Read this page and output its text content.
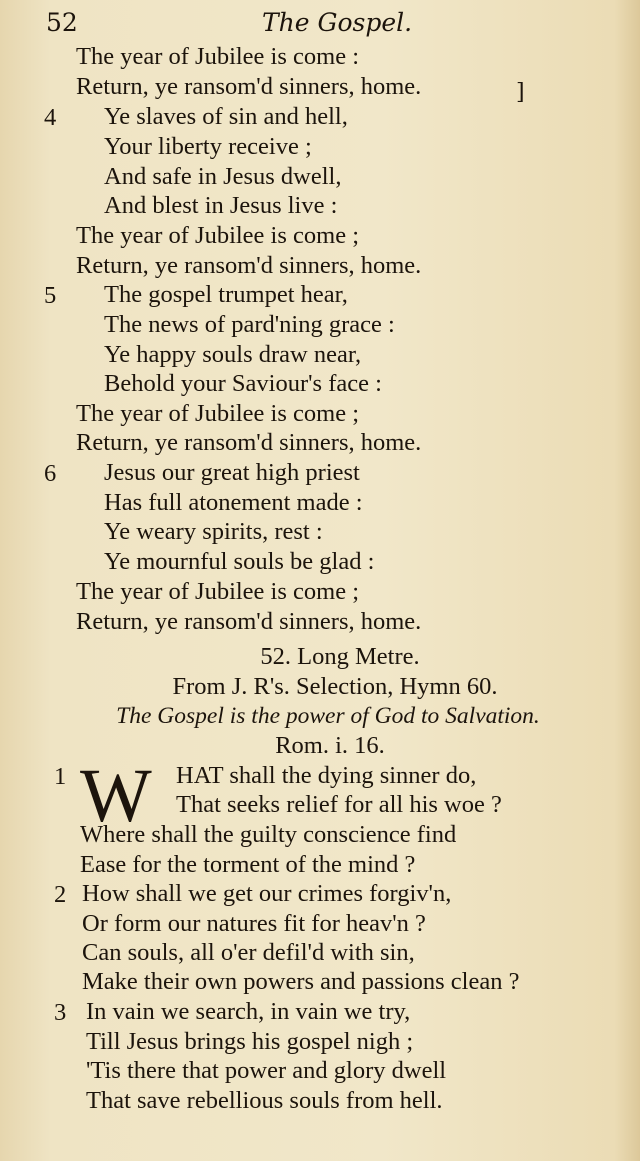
52	The Gospel.
The year of Jubilee is come :
Return, ye ransom'd sinners, home.	]
4 Ye slaves of sin and hell,
Your liberty receive ;
And safe in Jesus dwell,
And blest in Jesus live :
The year of Jubilee is come ;
Return, ye ransom'd sinners, home.
5 The gospel trumpet hear,
The news of pard'ning grace :
Ye happy souls draw near,
Behold your Saviour's face :
The year of Jubilee is come ;
Return, ye ransom'd sinners, home.
6 Jesus our great high priest
Has full atonement made :
Ye weary spirits, rest :
Ye mournful souls be glad :
The year of Jubilee is come ;
Return, ye ransom'd sinners, home.
52. Long Metre.
From J. R's. Selection, Hymn 60.
The Gospel is the power of God to Salvation.
Rom. i. 16.
1 W HAT shall the dying sinner do,
That seeks relief for all his woe ?
Where shall the guilty conscience find
Ease for the torment of the mind ?
2 How shall we get our crimes forgiv'n,
Or form our natures fit for heav'n ?
Can souls, all o'er defil'd with sin,
Make their own powers and passions clean ?
3 In vain we search, in vain we try,
Till Jesus brings his gospel nigh ;
'Tis there that power and glory dwell
That save rebellious souls from hell.
